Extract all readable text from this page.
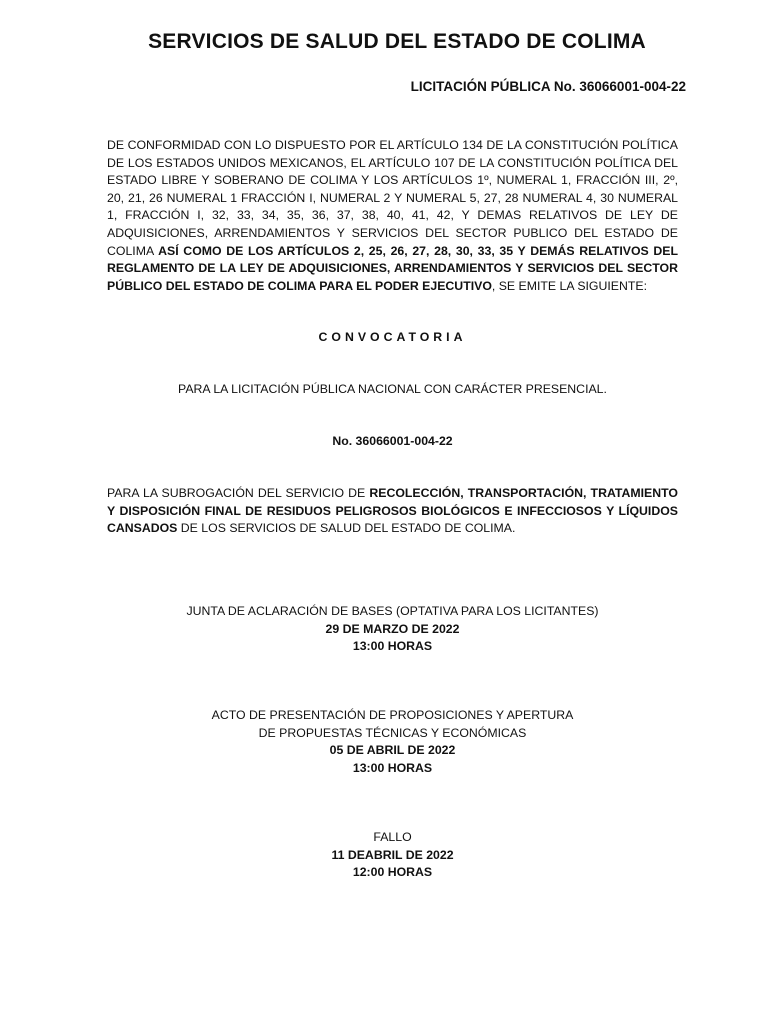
SERVICIOS DE SALUD DEL ESTADO DE COLIMA
LICITACIÓN PÚBLICA No. 36066001-004-22
DE CONFORMIDAD CON LO DISPUESTO POR EL ARTÍCULO 134 DE LA CONSTITUCIÓN POLÍTICA DE LOS ESTADOS UNIDOS MEXICANOS, EL ARTÍCULO 107 DE LA CONSTITUCIÓN POLÍTICA DEL ESTADO LIBRE Y SOBERANO DE COLIMA Y LOS ARTÍCULOS 1º, NUMERAL 1, FRACCIÓN III, 2º, 20, 21, 26 NUMERAL 1 FRACCIÓN I, NUMERAL 2 Y NUMERAL 5, 27, 28 NUMERAL 4, 30 NUMERAL 1, FRACCIÓN I, 32, 33, 34, 35, 36, 37, 38, 40, 41, 42, Y DEMAS RELATIVOS DE LEY DE ADQUISICIONES, ARRENDAMIENTOS Y SERVICIOS DEL SECTOR PUBLICO DEL ESTADO DE COLIMA ASÍ COMO DE LOS ARTÍCULOS 2, 25, 26, 27, 28, 30, 33, 35 Y DEMÁS RELATIVOS DEL REGLAMENTO DE LA LEY DE ADQUISICIONES, ARRENDAMIENTOS Y SERVICIOS DEL SECTOR PÚBLICO DEL ESTADO DE COLIMA PARA EL PODER EJECUTIVO, SE EMITE LA SIGUIENTE:
CONVOCATORIA
PARA LA LICITACIÓN PÚBLICA NACIONAL CON CARÁCTER PRESENCIAL.
No. 36066001-004-22
PARA LA SUBROGACIÓN DEL SERVICIO DE RECOLECCIÓN, TRANSPORTACIÓN, TRATAMIENTO Y DISPOSICIÓN FINAL DE RESIDUOS PELIGROSOS BIOLÓGICOS E INFECCIOSOS Y LÍQUIDOS CANSADOS DE LOS SERVICIOS DE SALUD DEL ESTADO DE COLIMA.
JUNTA DE ACLARACIÓN DE BASES (OPTATIVA PARA LOS LICITANTES)
29 DE MARZO DE 2022
13:00 HORAS
ACTO DE PRESENTACIÓN DE PROPOSICIONES Y APERTURA
DE PROPUESTAS TÉCNICAS Y ECONÓMICAS
05 DE ABRIL DE 2022
13:00 HORAS
FALLO
11 DEABRIL DE 2022
12:00 HORAS
